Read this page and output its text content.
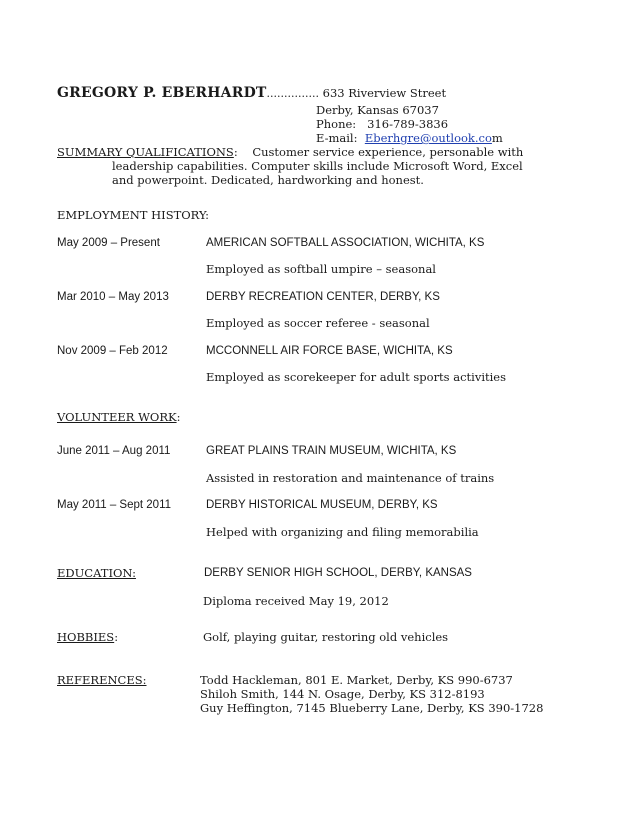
GREGORY P. EBERHARDT............... 633 Riverview Street
Derby, Kansas 67037
Phone: 316-789-3836
E-mail: Eberhgre@outlook.com
SUMMARY QUALIFICATIONS: Customer service experience, personable with
leadership capabilities. Computer skills include Microsoft Word, Excel
and powerpoint. Dedicated, hardworking and honest.
EMPLOYMENT HISTORY:
May 2009 – Present	AMERICAN SOFTBALL ASSOCIATION, WICHITA, KS
Employed as softball umpire – seasonal
Mar 2010 – May 2013	DERBY RECREATION CENTER, DERBY, KS
Employed as soccer referee - seasonal
Nov 2009 – Feb 2012	MCCONNELL AIR FORCE BASE, WICHITA, KS
Employed as scorekeeper for adult sports activities
VOLUNTEER WORK:
June 2011 – Aug 2011	GREAT PLAINS TRAIN MUSEUM, WICHITA, KS
Assisted in restoration and maintenance of trains
May 2011 – Sept 2011	DERBY HISTORICAL MUSEUM, DERBY, KS
Helped with organizing and filing memorabilia
EDUCATION:	DERBY SENIOR HIGH SCHOOL, DERBY, KANSAS
Diploma received May 19, 2012
HOBBIES:	Golf, playing guitar, restoring old vehicles
REFERENCES:	Todd Hackleman, 801 E. Market, Derby, KS 990-6737
Shiloh Smith, 144 N. Osage, Derby, KS 312-8193
Guy Heffington, 7145 Blueberry Lane, Derby, KS 390-1728
